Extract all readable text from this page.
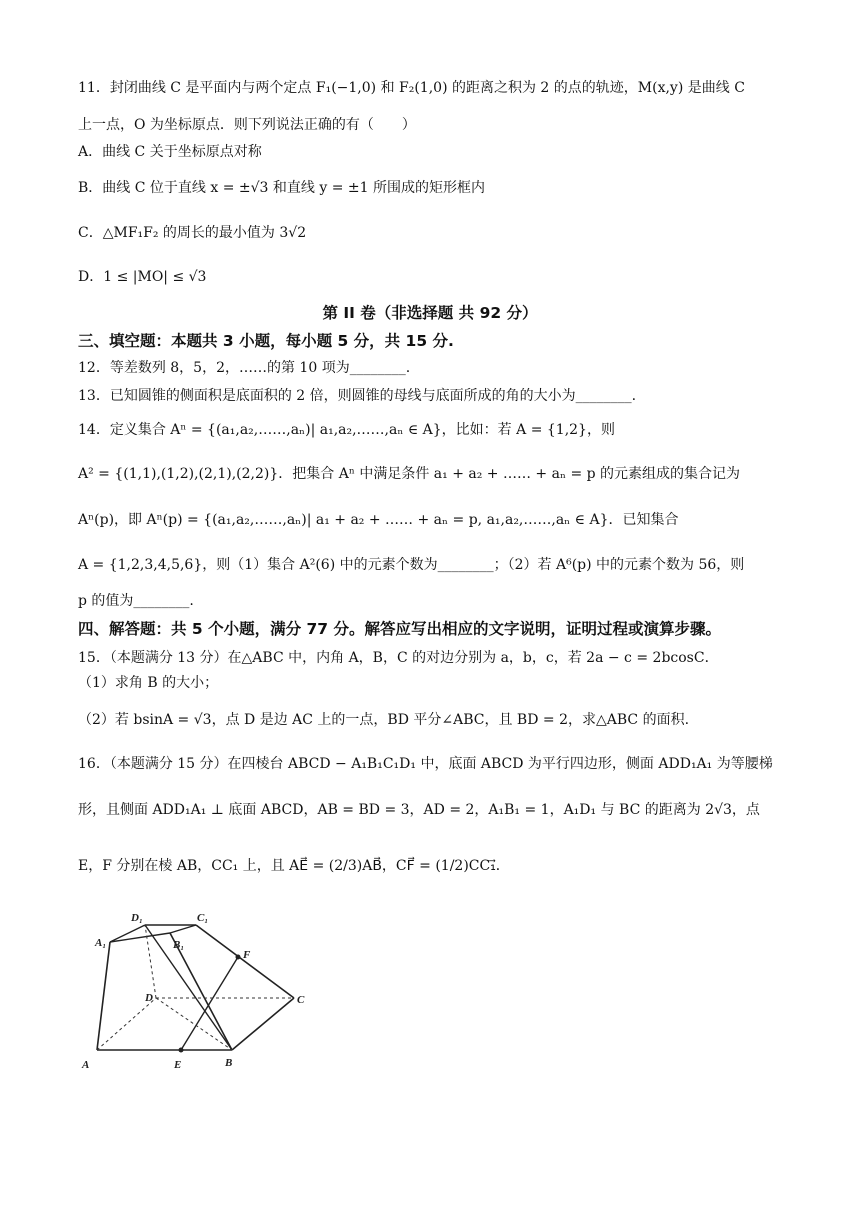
11．封闭曲线 C 是平面内与两个定点 F₁(−1,0) 和 F₂(1,0) 的距离之积为 2 的点的轨迹，M(x,y) 是曲线 C
上一点，O 为坐标原点．则下列说法正确的有（　　）
A．曲线 C 关于坐标原点对称
B．曲线 C 位于直线 x = ±√3 和直线 y = ±1 所围成的矩形框内
C．△MF₁F₂ 的周长的最小值为 3√2
D．1 ≤ |MO| ≤ √3
第 II 卷（非选择题 共 92 分）
三、填空题：本题共 3 小题，每小题 5 分，共 15 分.
12．等差数列 8，5，2，……的第 10 项为________.
13．已知圆锥的侧面积是底面积的 2 倍，则圆锥的母线与底面所成的角的大小为________.
14．定义集合 Aⁿ = {(a₁,a₂,……,aₙ)| a₁,a₂,……,aₙ ∈ A}，比如：若 A = {1,2}，则
A² = {(1,1),(1,2),(2,1),(2,2)}．把集合 Aⁿ 中满足条件 a₁ + a₂ + …… + aₙ = p 的元素组成的集合记为
Aⁿ(p)，即 Aⁿ(p) = {(a₁,a₂,……,aₙ)| a₁ + a₂ + …… + aₙ = p, a₁,a₂,……,aₙ ∈ A}．已知集合
A = {1,2,3,4,5,6}，则（1）集合 A²(6) 中的元素个数为________；（2）若 A⁶(p) 中的元素个数为 56，则
p 的值为________.
四、解答题：共 5 个小题，满分 77 分。解答应写出相应的文字说明，证明过程或演算步骤。
15．（本题满分 13 分）在△ABC 中，内角 A，B，C 的对边分别为 a，b，c，若 2a − c = 2bcosC．
（1）求角 B 的大小；
（2）若 bsinA = √3，点 D 是边 AC 上的一点，BD 平分∠ABC，且 BD = 2，求△ABC 的面积.
16．（本题满分 15 分）在四棱台 ABCD − A₁B₁C₁D₁ 中，底面 ABCD 为平行四边形，侧面 ADD₁A₁ 为等腰梯
形，且侧面 ADD₁A₁ ⊥ 底面 ABCD，AB = BD = 3，AD = 2，A₁B₁ = 1，A₁D₁ 与 BC 的距离为 2√3，点
E，F 分别在棱 AB，CC₁ 上，且 AE⃗ = (2/3)AB⃗，CF⃗ = (1/2)CC₁⃗．
A	B
C
D
E
F
A₁	B₁
C₁
D₁
